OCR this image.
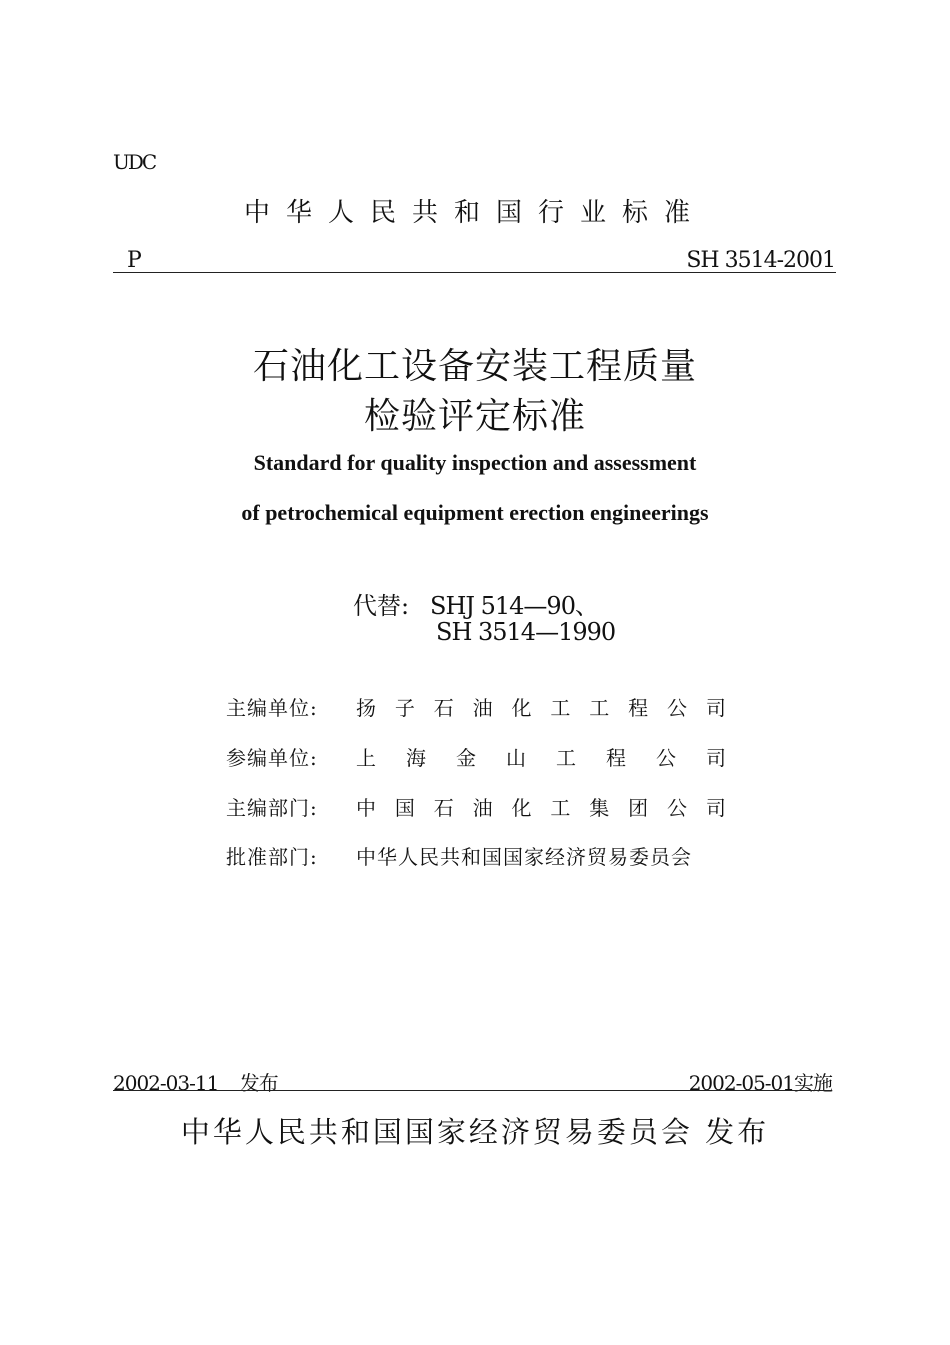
UDC
中华人民共和国行业标准
P	SH 3514-2001
石油化工设备安装工程质量
检验评定标准
Standard for quality inspection and assessment
of petrochemical equipment erection engineerings
代替: SHJ 514—90、
SH 3514—1990
主编单位: 扬 子 石 油 化 工 工 程 公 司
参编单位: 上 海 金 山 工 程 公 司
主编部门: 中 国 石 油 化 工 集 团 公 司
批准部门: 中华人民共和国国家经济贸易委员会
2002-03-11 发布	2002-05-01实施
中华人民共和国国家经济贸易委员会 发布
